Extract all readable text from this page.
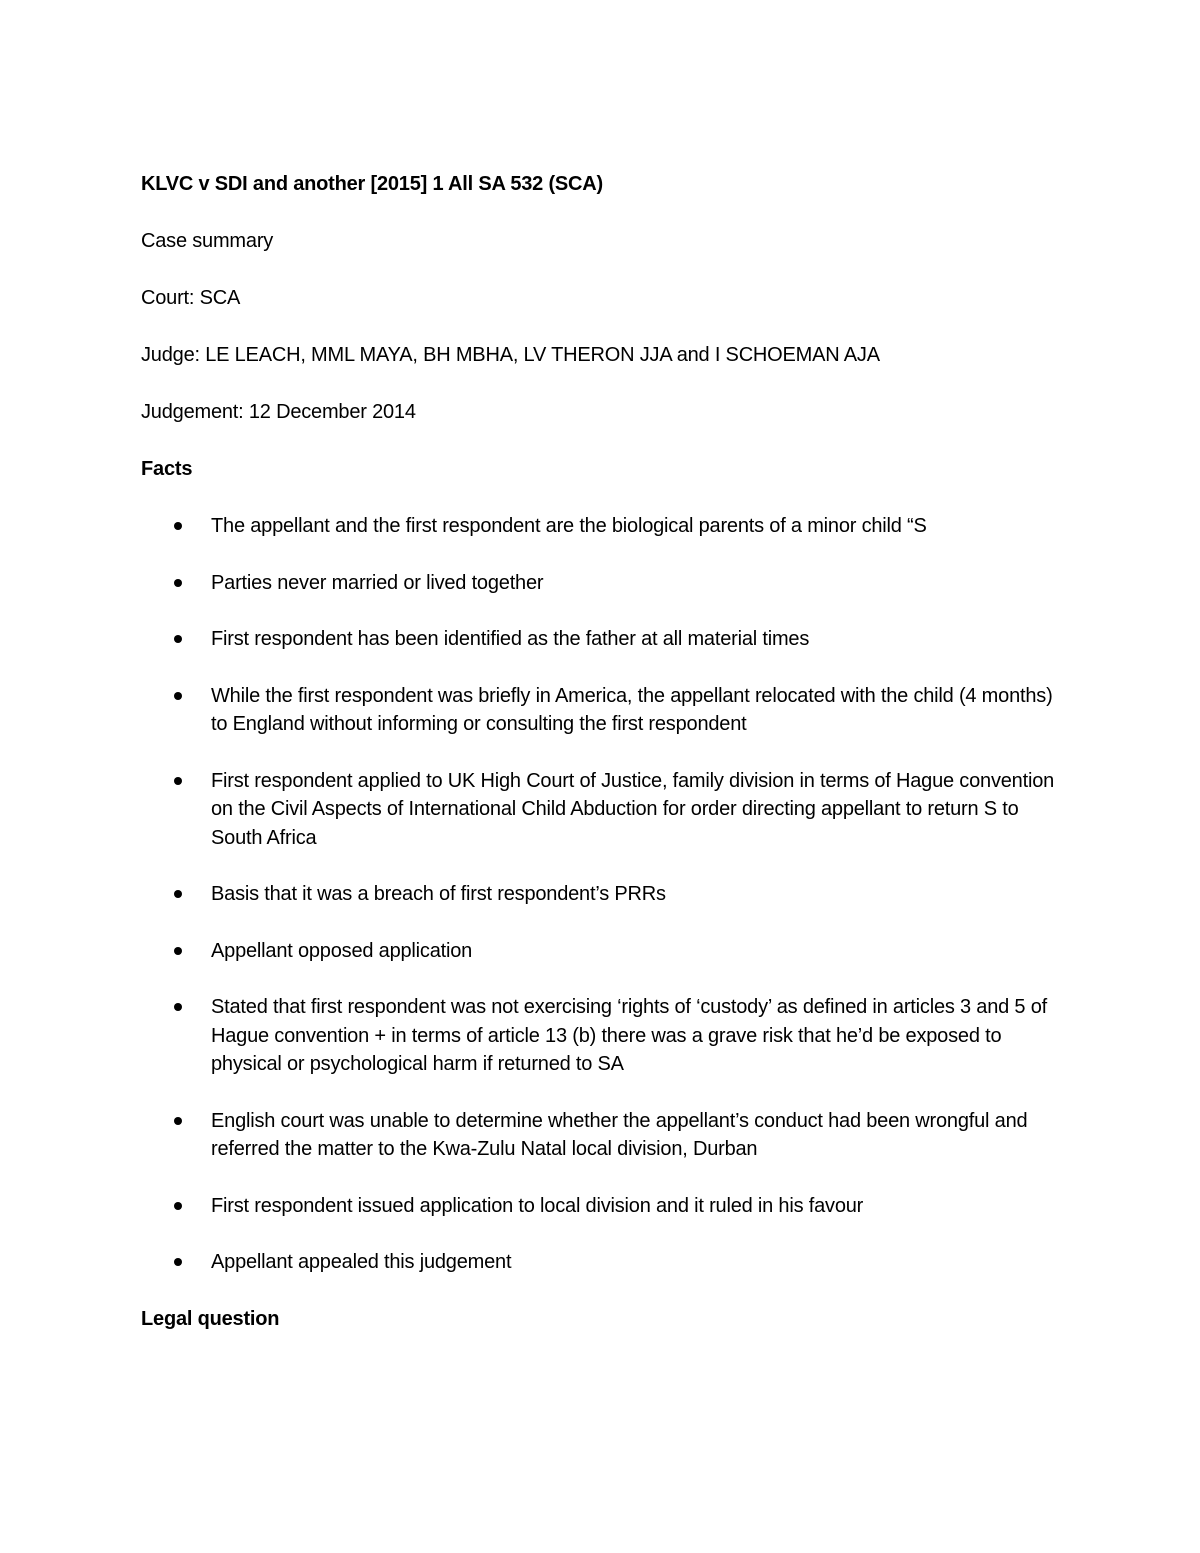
KLVC v SDI and another [2015] 1 All SA 532 (SCA)
Case summary
Court: SCA
Judge: LE LEACH, MML MAYA, BH MBHA, LV THERON JJA and I SCHOEMAN AJA
Judgement: 12 December 2014
Facts
The appellant and the first respondent are the biological parents of a minor child “S
Parties never married or lived together
First respondent has been identified as the father at all material times
While the first respondent was briefly in America, the appellant relocated with the child (4 months) to England without informing or consulting the first respondent
First respondent applied to UK High Court of Justice, family division in terms of Hague convention on the Civil Aspects of International Child Abduction for order directing appellant to return S to South Africa
Basis that it was a breach of first respondent’s PRRs
Appellant opposed application
Stated that first respondent was not exercising ‘rights of ‘custody’ as defined in articles 3 and 5 of Hague convention + in terms of article 13 (b) there was a grave risk that he’d be exposed to physical or psychological harm if returned to SA
English court was unable to determine whether the appellant’s conduct had been wrongful and referred the matter to the Kwa-Zulu Natal local division, Durban
First respondent issued application to local division and it ruled in his favour
Appellant appealed this judgement
Legal question
